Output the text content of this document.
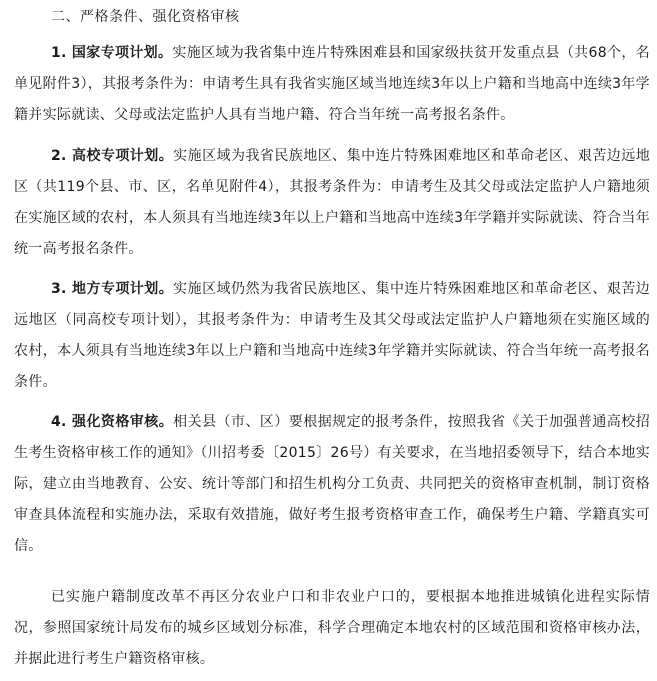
二、严格条件、强化资格审核

1. 国家专项计划。实施区域为我省集中连片特殊困难县和国家级扶贫开发重点县（共68个，名单见附件3），其报考条件为：申请考生具有我省实施区域当地连续3年以上户籍和当地高中连续3年学籍并实际就读、父母或法定监护人具有当地户籍、符合当年统一高考报名条件。

2. 高校专项计划。实施区域为我省民族地区、集中连片特殊困难地区和革命老区、艰苦边远地区（共119个县、市、区，名单见附件4），其报考条件为：申请考生及其父母或法定监护人户籍地须在实施区域的农村，本人须具有当地连续3年以上户籍和当地高中连续3年学籍并实际就读、符合当年统一高考报名条件。

3. 地方专项计划。实施区域仍然为我省民族地区、集中连片特殊困难地区和革命老区、艰苦边远地区（同高校专项计划），其报考条件为：申请考生及其父母或法定监护人户籍地须在实施区域的农村，本人须具有当地连续3年以上户籍和当地高中连续3年学籍并实际就读、符合当年统一高考报名条件。

4. 强化资格审核。相关县（市、区）要根据规定的报考条件，按照我省《关于加强普通高校招生考生资格审核工作的通知》（川招考委〔2015〕26号）有关要求，在当地招委领导下，结合本地实际，建立由当地教育、公安、统计等部门和招生机构分工负责、共同把关的资格审查机制，制订资格审查具体流程和实施办法，采取有效措施，做好考生报考资格审查工作，确保考生户籍、学籍真实可信。

已实施户籍制度改革不再区分农业户口和非农业户口的，要根据本地推进城镇化进程实际情况，参照国家统计局发布的城乡区域划分标准，科学合理确定本地农村的区域范围和资格审核办法，并据此进行考生户籍资格审核。
